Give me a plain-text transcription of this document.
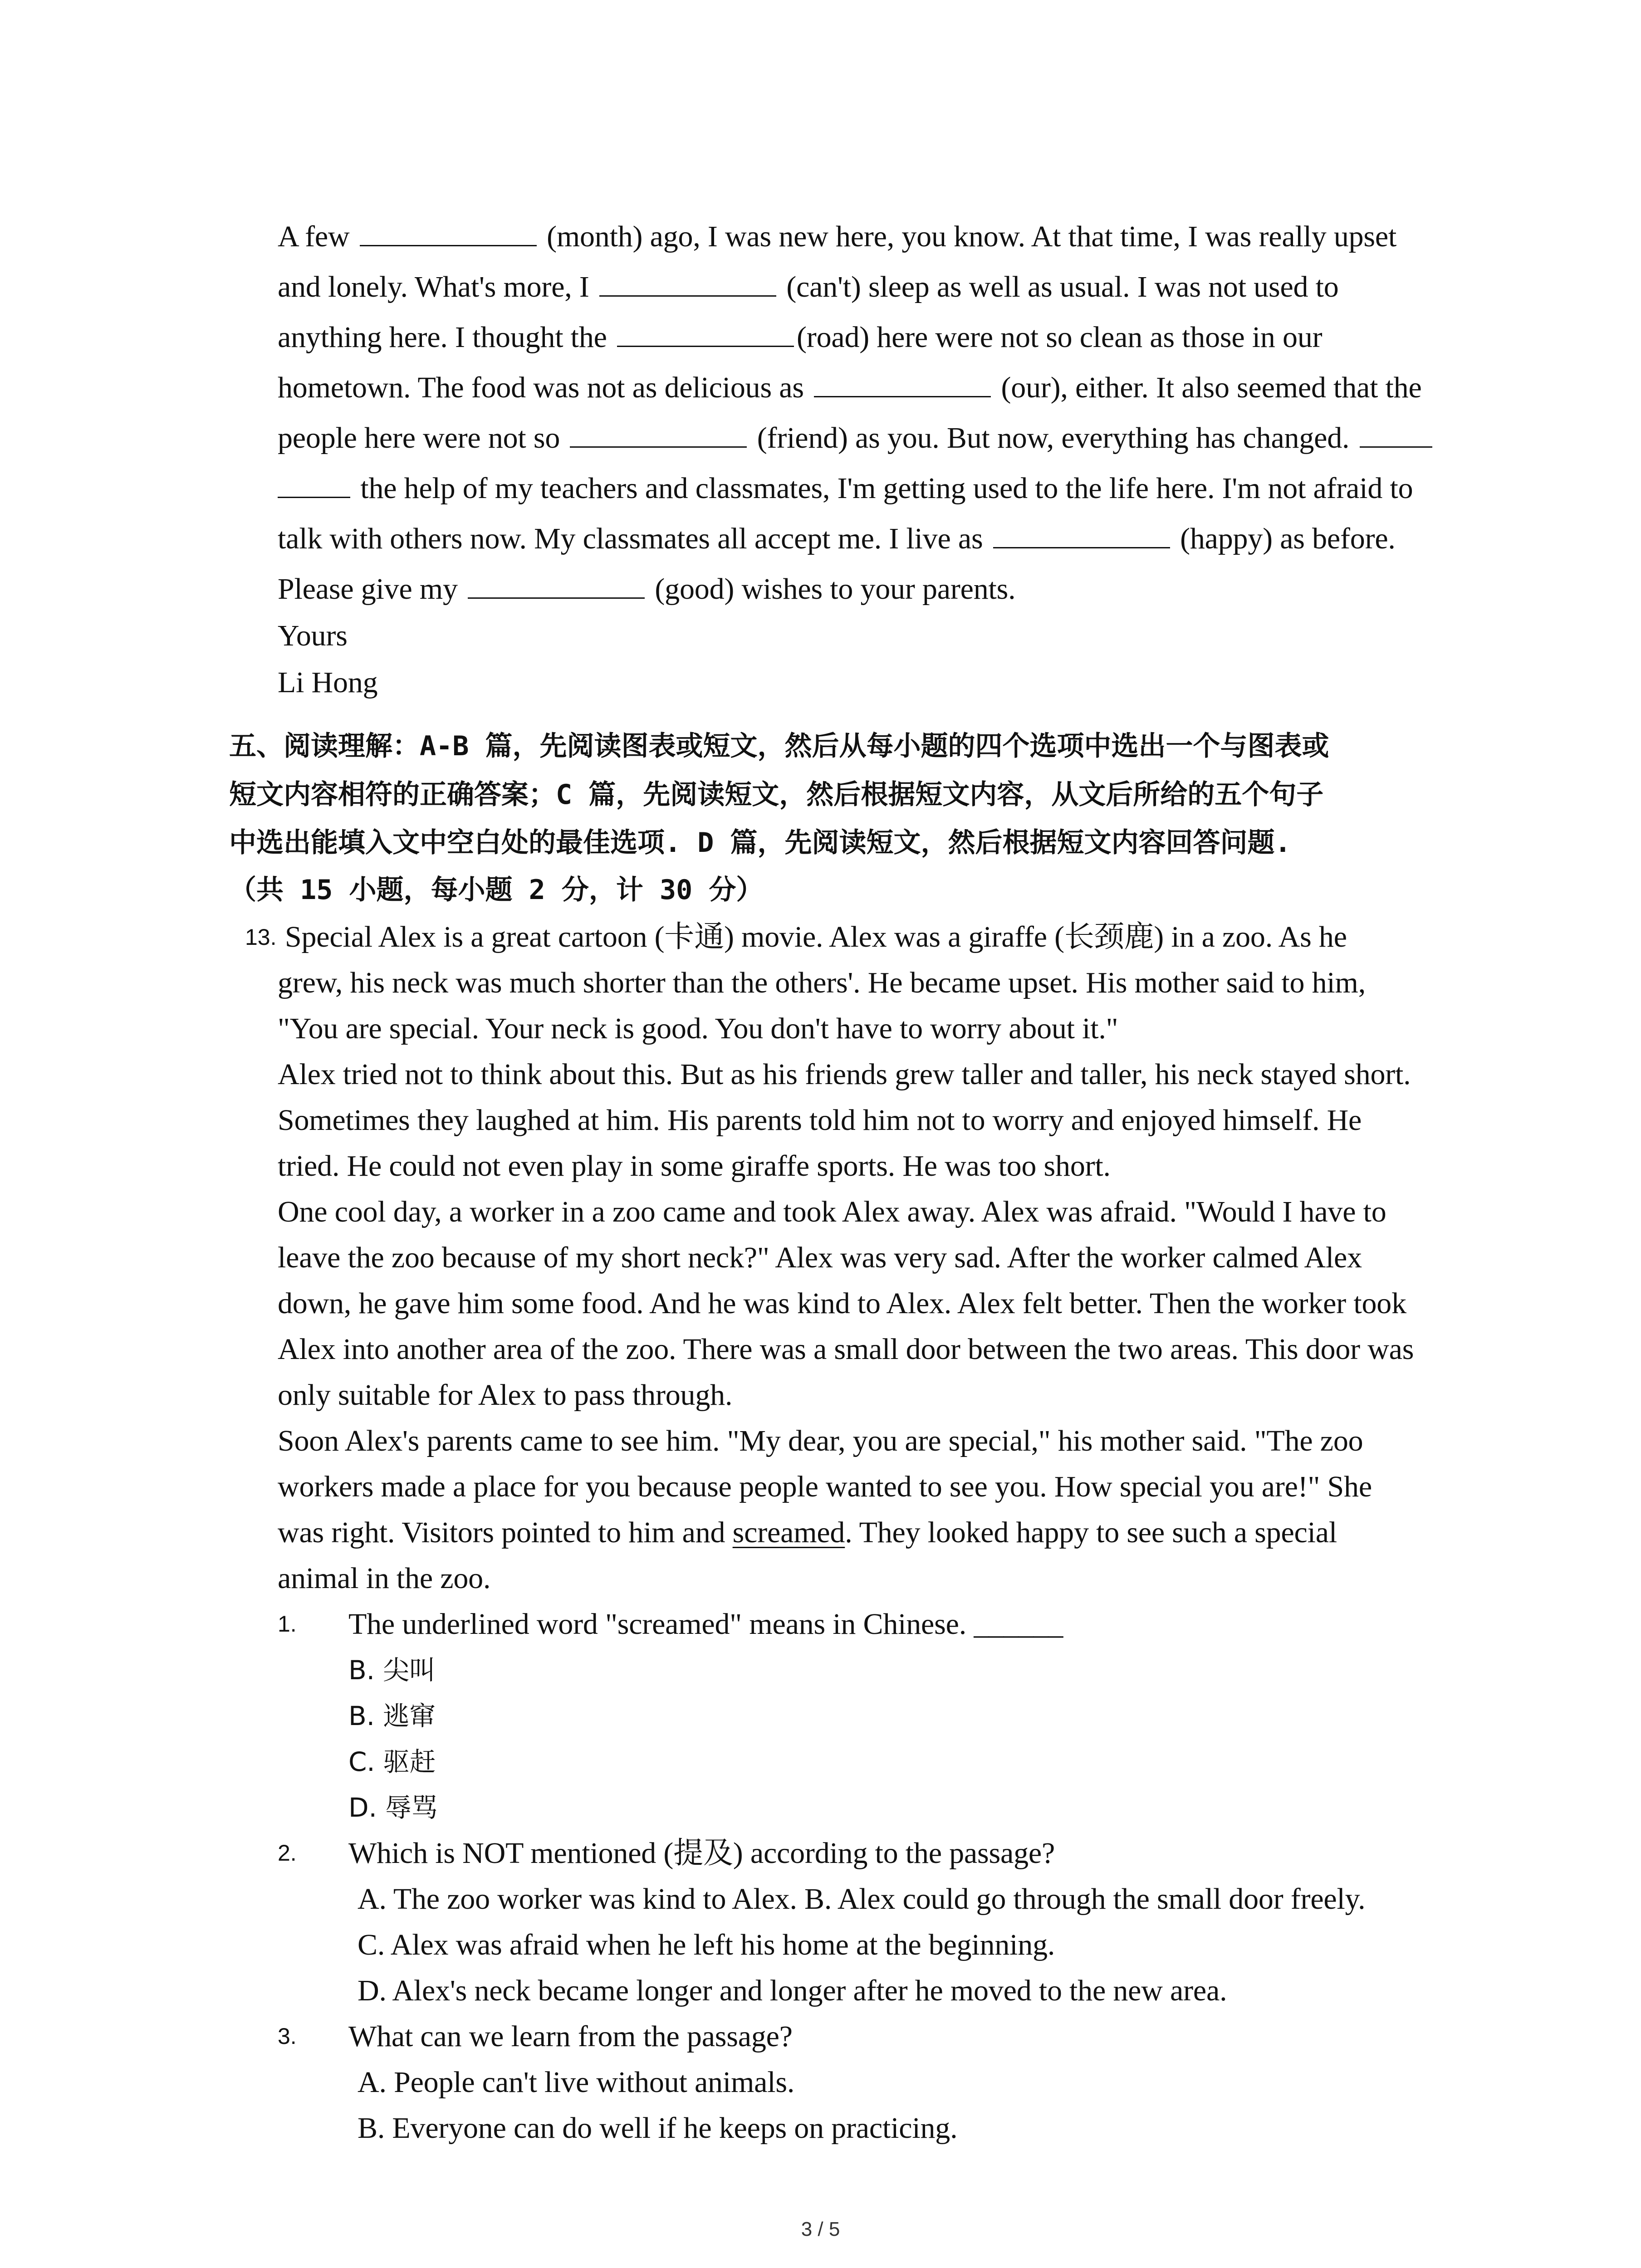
A few	(month) ago, I was new here, you know. At that time, I was really upset
and lonely. What's more, I	(can't) sleep as well as usual. I was not used to
anything here. I thought the	(road) here were not so clean as those in our
hometown. The food was not as delicious as	(our), either. It also seemed that the
people here were not so	(friend) as you. But now, everything has changed.
the help of my teachers and classmates, I'm getting used to the life here. I'm not afraid to
talk with others now. My classmates all accept me. I live as	(happy) as before.
Please give my	(good) wishes to your parents.
Yours
Li Hong
五、阅读理解：A-B 篇，先阅读图表或短文，然后从每小题的四个选项中选出一个与图表或
短文内容相符的正确答案；C 篇，先阅读短文，然后根据短文内容，从文后所给的五个句子
中选出能填入文中空白处的最佳选项. D 篇，先阅读短文，然后根据短文内容回答问题.
（共 15 小题，每小题 2 分，计 30 分）
13. Special Alex is a great cartoon (卡通) movie. Alex was a giraffe (长颈鹿) in a zoo. As he
grew, his neck was much shorter than the others'. He became upset. His mother said to him,
"You are special. Your neck is good. You don't have to worry about it."
Alex tried not to think about this. But as his friends grew taller and taller, his neck stayed short.
Sometimes they laughed at him. His parents told him not to worry and enjoyed himself. He
tried. He could not even play in some giraffe sports. He was too short.
One cool day, a worker in a zoo came and took Alex away. Alex was afraid. "Would I have to
leave the zoo because of my short neck?" Alex was very sad. After the worker calmed Alex
down, he gave him some food. And he was kind to Alex. Alex felt better. Then the worker took
Alex into another area of the zoo. There was a small door between the two areas. This door was
only suitable for Alex to pass through.
Soon Alex's parents came to see him. "My dear, you are special," his mother said. "The zoo
workers made a place for you because people wanted to see you. How special you are!" She
was right. Visitors pointed to him and screamed. They looked happy to see such a special
animal in the zoo.
1. The underlined word "screamed" means in Chinese. ______
B. 尖叫
B. 逃窜
C. 驱赶
D. 辱骂
2. Which is NOT mentioned (提及) according to the passage?
A. The zoo worker was kind to Alex. B. Alex could go through the small door freely.
C. Alex was afraid when he left his home at the beginning.
D. Alex's neck became longer and longer after he moved to the new area.
3. What can we learn from the passage?
A. People can't live without animals.
B. Everyone can do well if he keeps on practicing.
3 / 5
